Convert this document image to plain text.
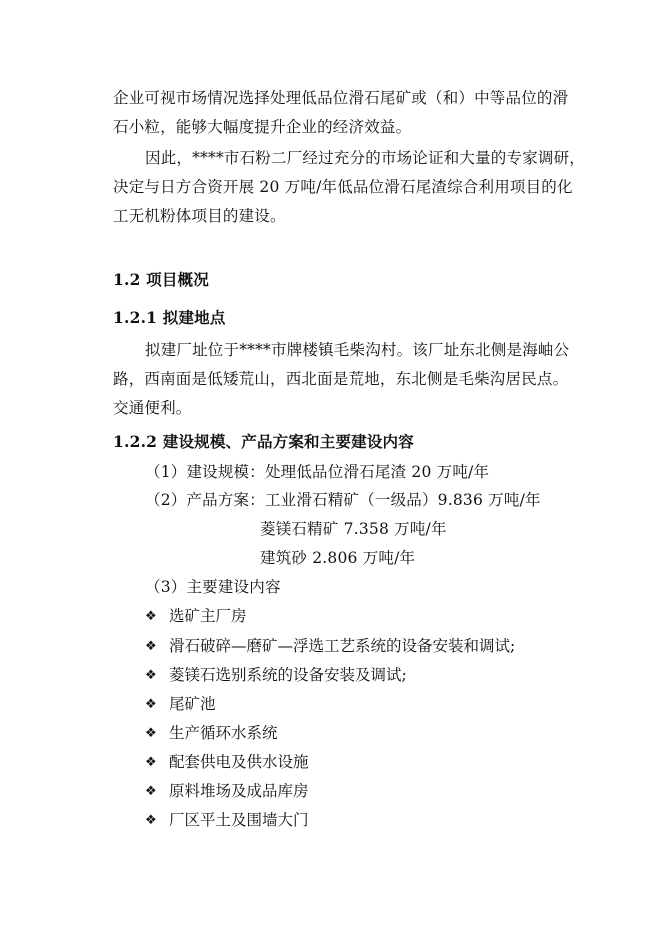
企业可视市场情况选择处理低品位滑石尾矿或（和）中等品位的滑
石小粒，能够大幅度提升企业的经济效益。
因此，****市石粉二厂经过充分的市场论证和大量的专家调研，
决定与日方合资开展 20 万吨/年低品位滑石尾渣综合利用项目的化
工无机粉体项目的建设。
1.2 项目概况
1.2.1 拟建地点
拟建厂址位于****市牌楼镇毛柴沟村。该厂址东北侧是海岫公
路，西南面是低矮荒山，西北面是荒地，东北侧是毛柴沟居民点。
交通便利。
1.2.2 建设规模、产品方案和主要建设内容
（1）建设规模：处理低品位滑石尾渣 20 万吨/年
（2）产品方案：工业滑石精矿（一级品）9.836 万吨/年
菱镁石精矿 7.358 万吨/年
建筑砂 2.806 万吨/年
（3）主要建设内容
❖ 选矿主厂房
❖ 滑石破碎—磨矿—浮选工艺系统的设备安装和调试;
❖ 菱镁石选别系统的设备安装及调试;
❖ 尾矿池
❖ 生产循环水系统
❖ 配套供电及供水设施
❖ 原料堆场及成品库房
❖ 厂区平土及围墙大门
